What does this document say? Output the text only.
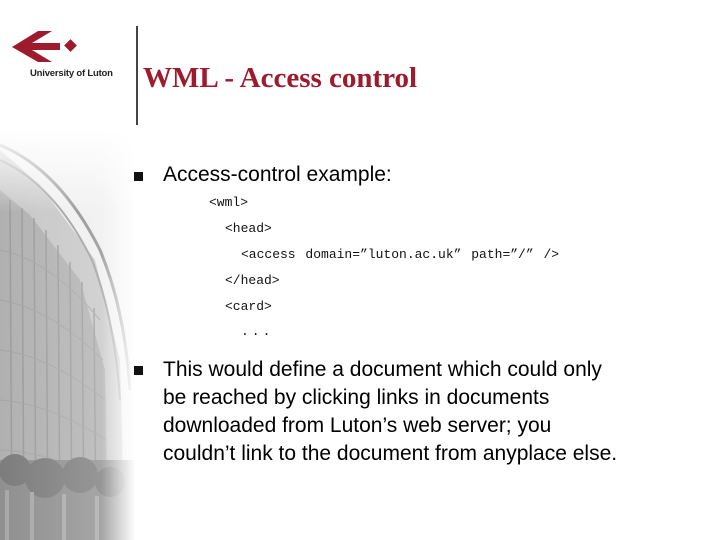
University of Luton WML - Access control
Access-control example:
<wml>
<head>
<access domain=”luton.ac.uk” path=”/” />
</head>
<card>
...
This would define a document which could only
be reached by clicking links in documents
downloaded from Luton’s web server; you
couldn’t link to the document from anyplace else.
